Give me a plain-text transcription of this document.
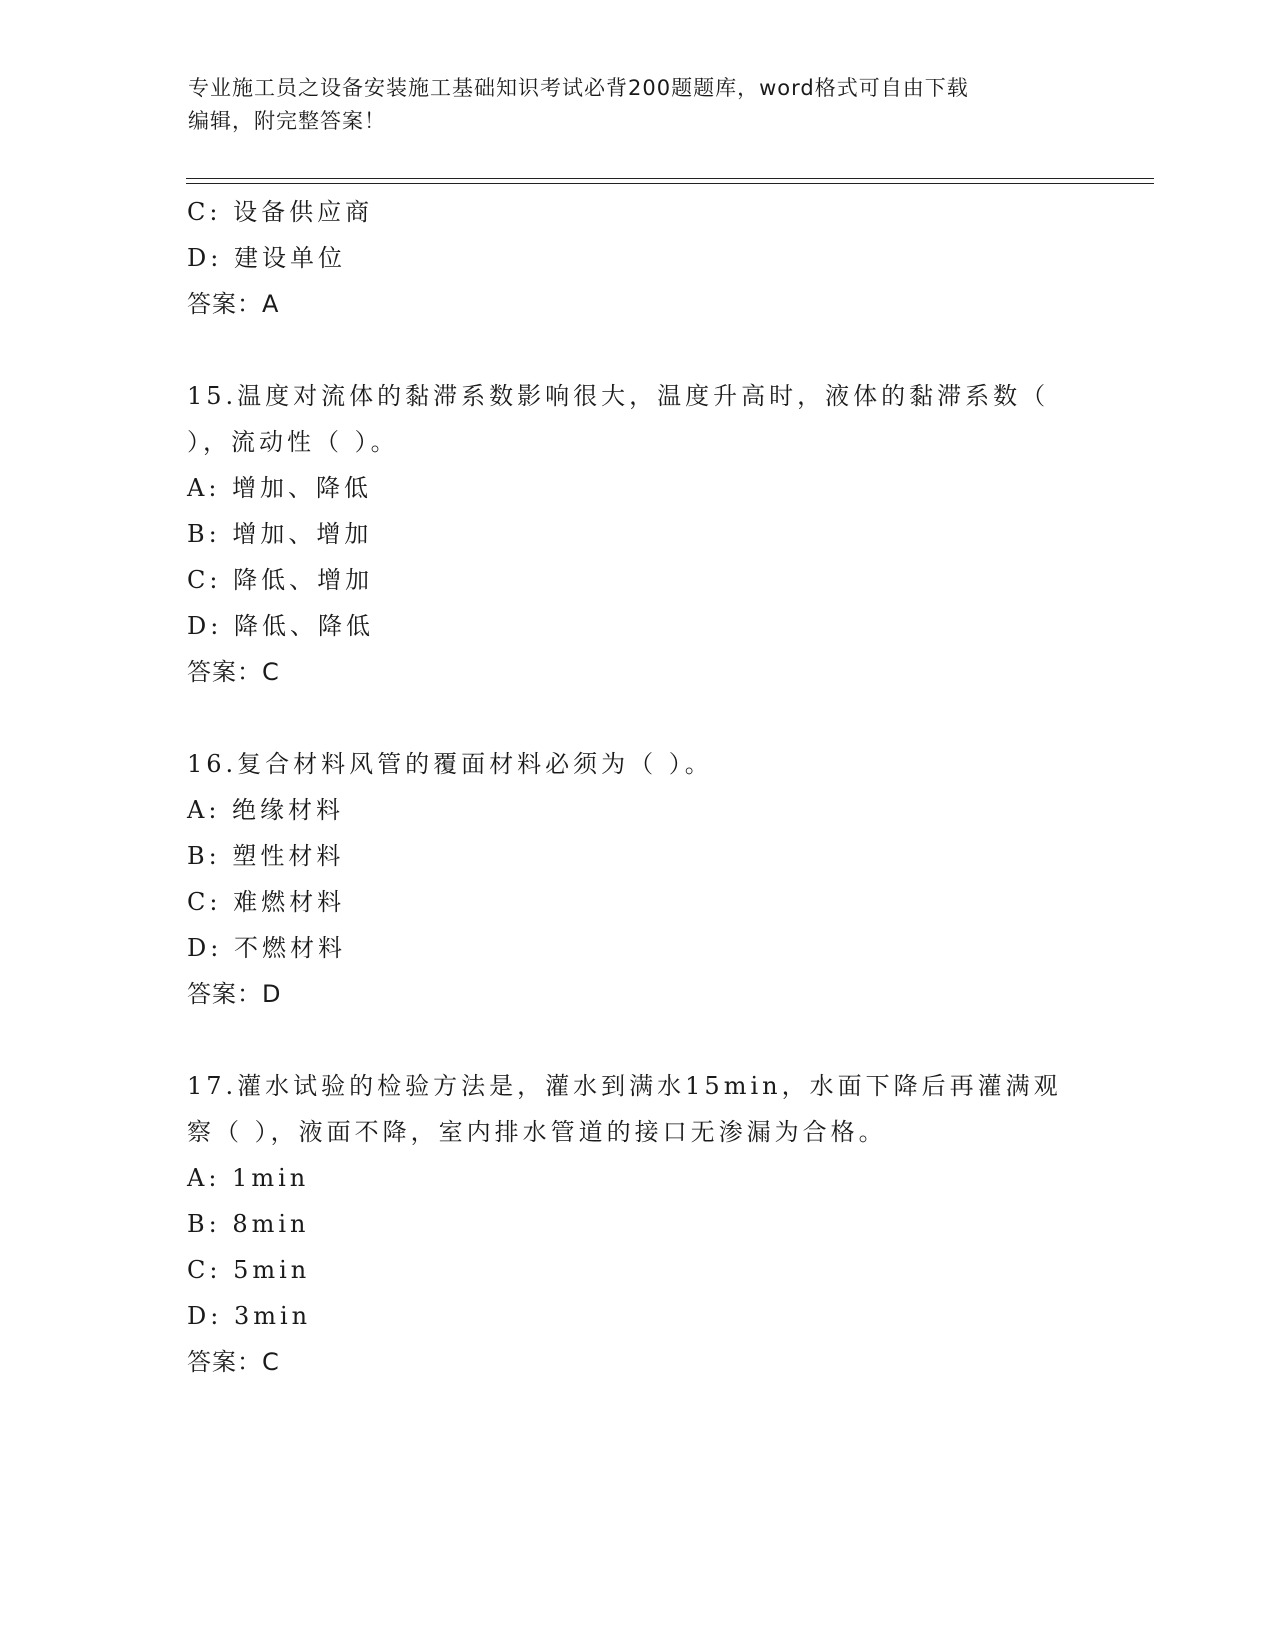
专业施工员之设备安装施工基础知识考试必背200题题库，word格式可自由下载
编辑，附完整答案！
C: 设备供应商
D: 建设单位
答案：A
15.温度对流体的黏滞系数影响很大，温度升高时，液体的黏滞系数（
），流动性（ ）。
A: 增加、降低
B: 增加、增加
C: 降低、增加
D: 降低、降低
答案：C
16.复合材料风管的覆面材料必须为（ ）。
A: 绝缘材料
B: 塑性材料
C: 难燃材料
D: 不燃材料
答案：D
17.灌水试验的检验方法是，灌水到满水15min，水面下降后再灌满观
察（ ），液面不降，室内排水管道的接口无渗漏为合格。
A: 1min
B: 8min
C: 5min
D: 3min
答案：C
